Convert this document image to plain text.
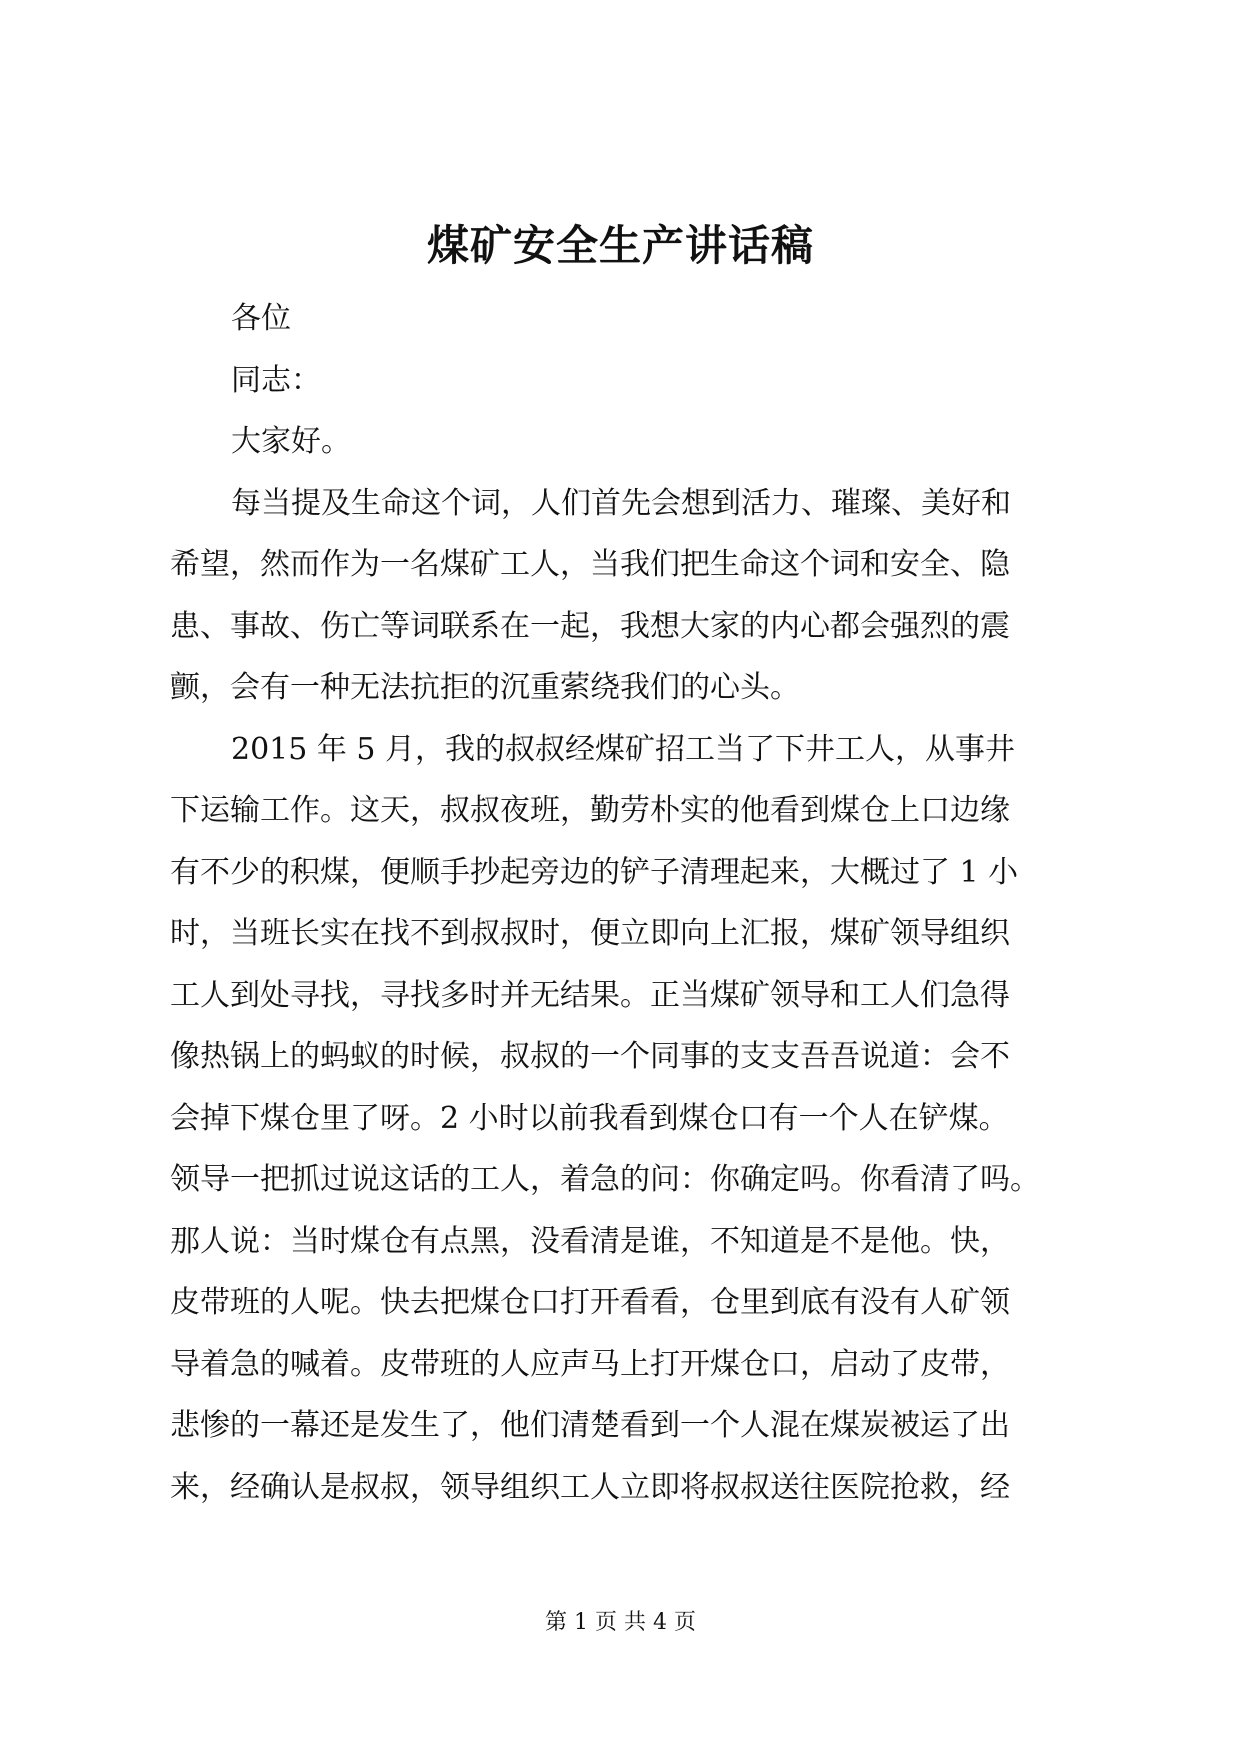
煤矿安全生产讲话稿
各位
同志：
大家好。
每当提及生命这个词，人们首先会想到活力、璀璨、美好和
希望，然而作为一名煤矿工人，当我们把生命这个词和安全、隐
患、事故、伤亡等词联系在一起，我想大家的内心都会强烈的震
颤，会有一种无法抗拒的沉重萦绕我们的心头。
2015 年 5 月，我的叔叔经煤矿招工当了下井工人，从事井
下运输工作。这天，叔叔夜班，勤劳朴实的他看到煤仓上口边缘
有不少的积煤，便顺手抄起旁边的铲子清理起来，大概过了 1 小
时，当班长实在找不到叔叔时，便立即向上汇报，煤矿领导组织
工人到处寻找，寻找多时并无结果。正当煤矿领导和工人们急得
像热锅上的蚂蚁的时候，叔叔的一个同事的支支吾吾说道：会不
会掉下煤仓里了呀。2 小时以前我看到煤仓口有一个人在铲煤。
领导一把抓过说这话的工人，着急的问：你确定吗。你看清了吗。
那人说：当时煤仓有点黑，没看清是谁，不知道是不是他。快，
皮带班的人呢。快去把煤仓口打开看看，仓里到底有没有人矿领
导着急的喊着。皮带班的人应声马上打开煤仓口，启动了皮带，
悲惨的一幕还是发生了，他们清楚看到一个人混在煤炭被运了出
来，经确认是叔叔，领导组织工人立即将叔叔送往医院抢救，经
第 1 页 共 4 页
